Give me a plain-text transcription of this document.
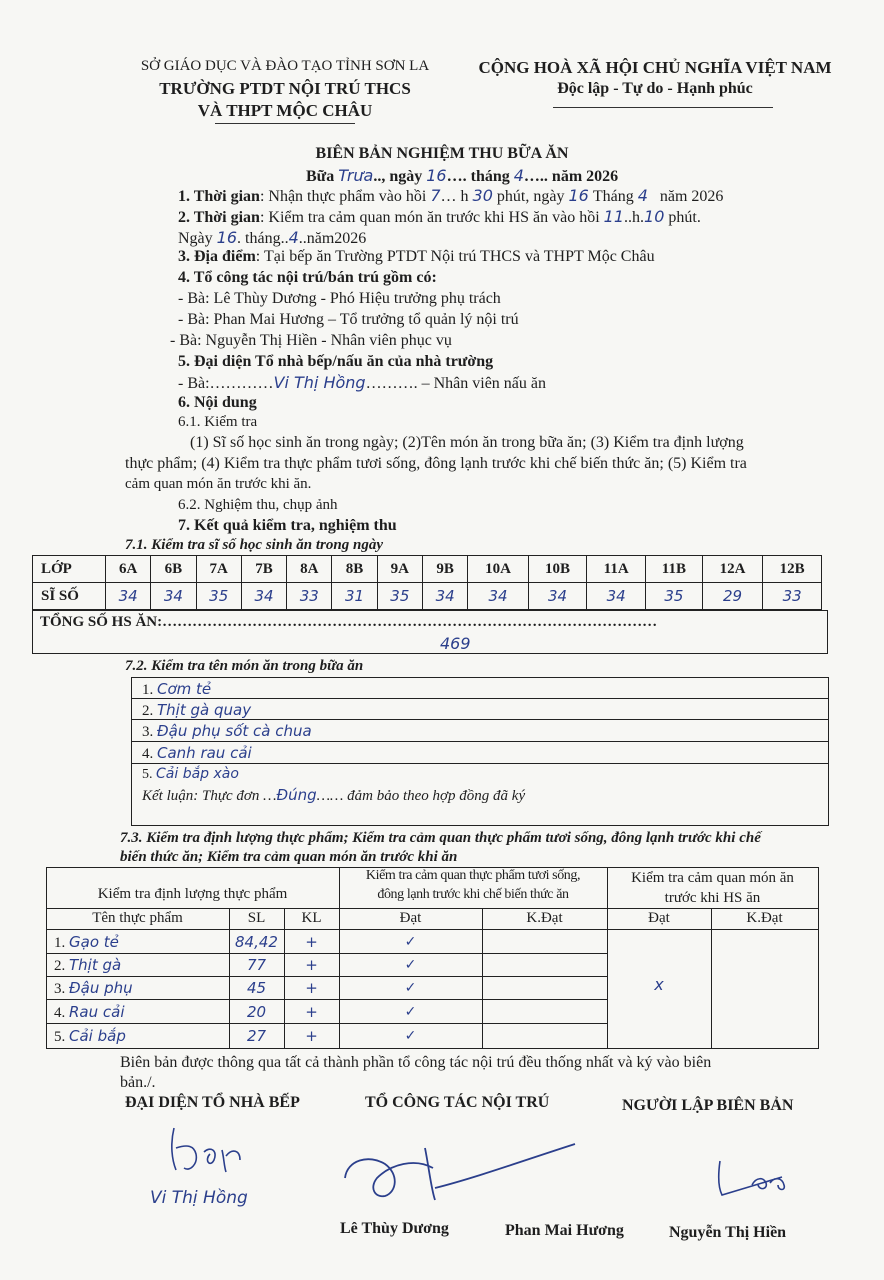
SỞ GIÁO DỤC VÀ ĐÀO TẠO TỈNH SƠN LA
TRƯỜNG PTDT NỘI TRÚ THCS
VÀ THPT MỘC CHÂU
CỘNG HOÀ XÃ HỘI CHỦ NGHĨA VIỆT NAM
Độc lập - Tự do - Hạnh phúc
BIÊN BẢN NGHIỆM THU BỮA ĂN
Bữa Trưa.., ngày 16…. tháng 4….. năm 2026
1. Thời gian: Nhận thực phẩm vào hồi 7… h 30 phút, ngày 16 Tháng 4 năm 2026
2. Thời gian: Kiểm tra cảm quan món ăn trước khi HS ăn vào hồi 11..h.10 phút.
Ngày 16. tháng..4..năm2026
3. Địa điểm: Tại bếp ăn Trường PTDT Nội trú THCS và THPT Mộc Châu
4. Tổ công tác nội trú/bán trú gồm có:
- Bà: Lê Thùy Dương - Phó Hiệu trưởng phụ trách
- Bà: Phan Mai Hương – Tổ trưởng tổ quản lý nội trú
- Bà: Nguyễn Thị Hiền - Nhân viên phục vụ
5. Đại diện Tổ nhà bếp/nấu ăn của nhà trường
- Bà:…………Vi Thị Hồng………. – Nhân viên nấu ăn
6. Nội dung
6.1. Kiểm tra
(1) Sĩ số học sinh ăn trong ngày; (2)Tên món ăn trong bữa ăn; (3) Kiểm tra định lượng
thực phẩm; (4) Kiểm tra thực phẩm tươi sống, đông lạnh trước khi chế biến thức ăn; (5) Kiểm tra
cảm quan món ăn trước khi ăn.
6.2. Nghiệm thu, chụp ảnh
7. Kết quả kiểm tra, nghiệm thu
7.1. Kiểm tra sĩ số học sinh ăn trong ngày
LỚP	6A	6B	7A	7B	8A	8B	9A	9B	10A	10B	11A	11B	12A	12B
SĨ SỐ	34	34	35	34	33	31	35	34	34	34	34	35	29	33
TỔNG SỐ HS ĂN:………………………………………………………………………………………
469
7.2. Kiểm tra tên món ăn trong bữa ăn
1. Cơm tẻ
2. Thịt gà quay
3. Đậu phụ sốt cà chua
4. Canh rau cải
5. Cải bắp xào
Kết luận: Thực đơn …Đúng…… đảm bảo theo hợp đồng đã ký
7.3. Kiểm tra định lượng thực phẩm; Kiểm tra cảm quan thực phẩm tươi sống, đông lạnh trước khi chế
biến thức ăn; Kiểm tra cảm quan món ăn trước khi ăn
Kiểm tra định lượng thực phẩm
Kiểm tra cảm quan thực phẩm tươi sống,
đông lạnh trước khi chế biến thức ăn
Kiểm tra cảm quan món ăn
trước khi HS ăn
Tên thực phẩm	SL	KL	Đạt	K.Đạt	Đạt	K.Đạt
1. Gạo tẻ	84,42	+	✓
2. Thịt gà	77	+	✓
3. Đậu phụ	45	+	✓
4. Rau cải	20	+	✓
5. Cải bắp	27	+	✓
x
Biên bản được thông qua tất cả thành phần tổ công tác nội trú đều thống nhất và ký vào biên
bản./.
ĐẠI DIỆN TỔ NHÀ BẾP	TỔ CÔNG TÁC NỘI TRÚ	NGƯỜI LẬP BIÊN BẢN
Vi Thị Hồng
Lê Thùy Dương	Phan Mai Hương	Nguyễn Thị Hiền
